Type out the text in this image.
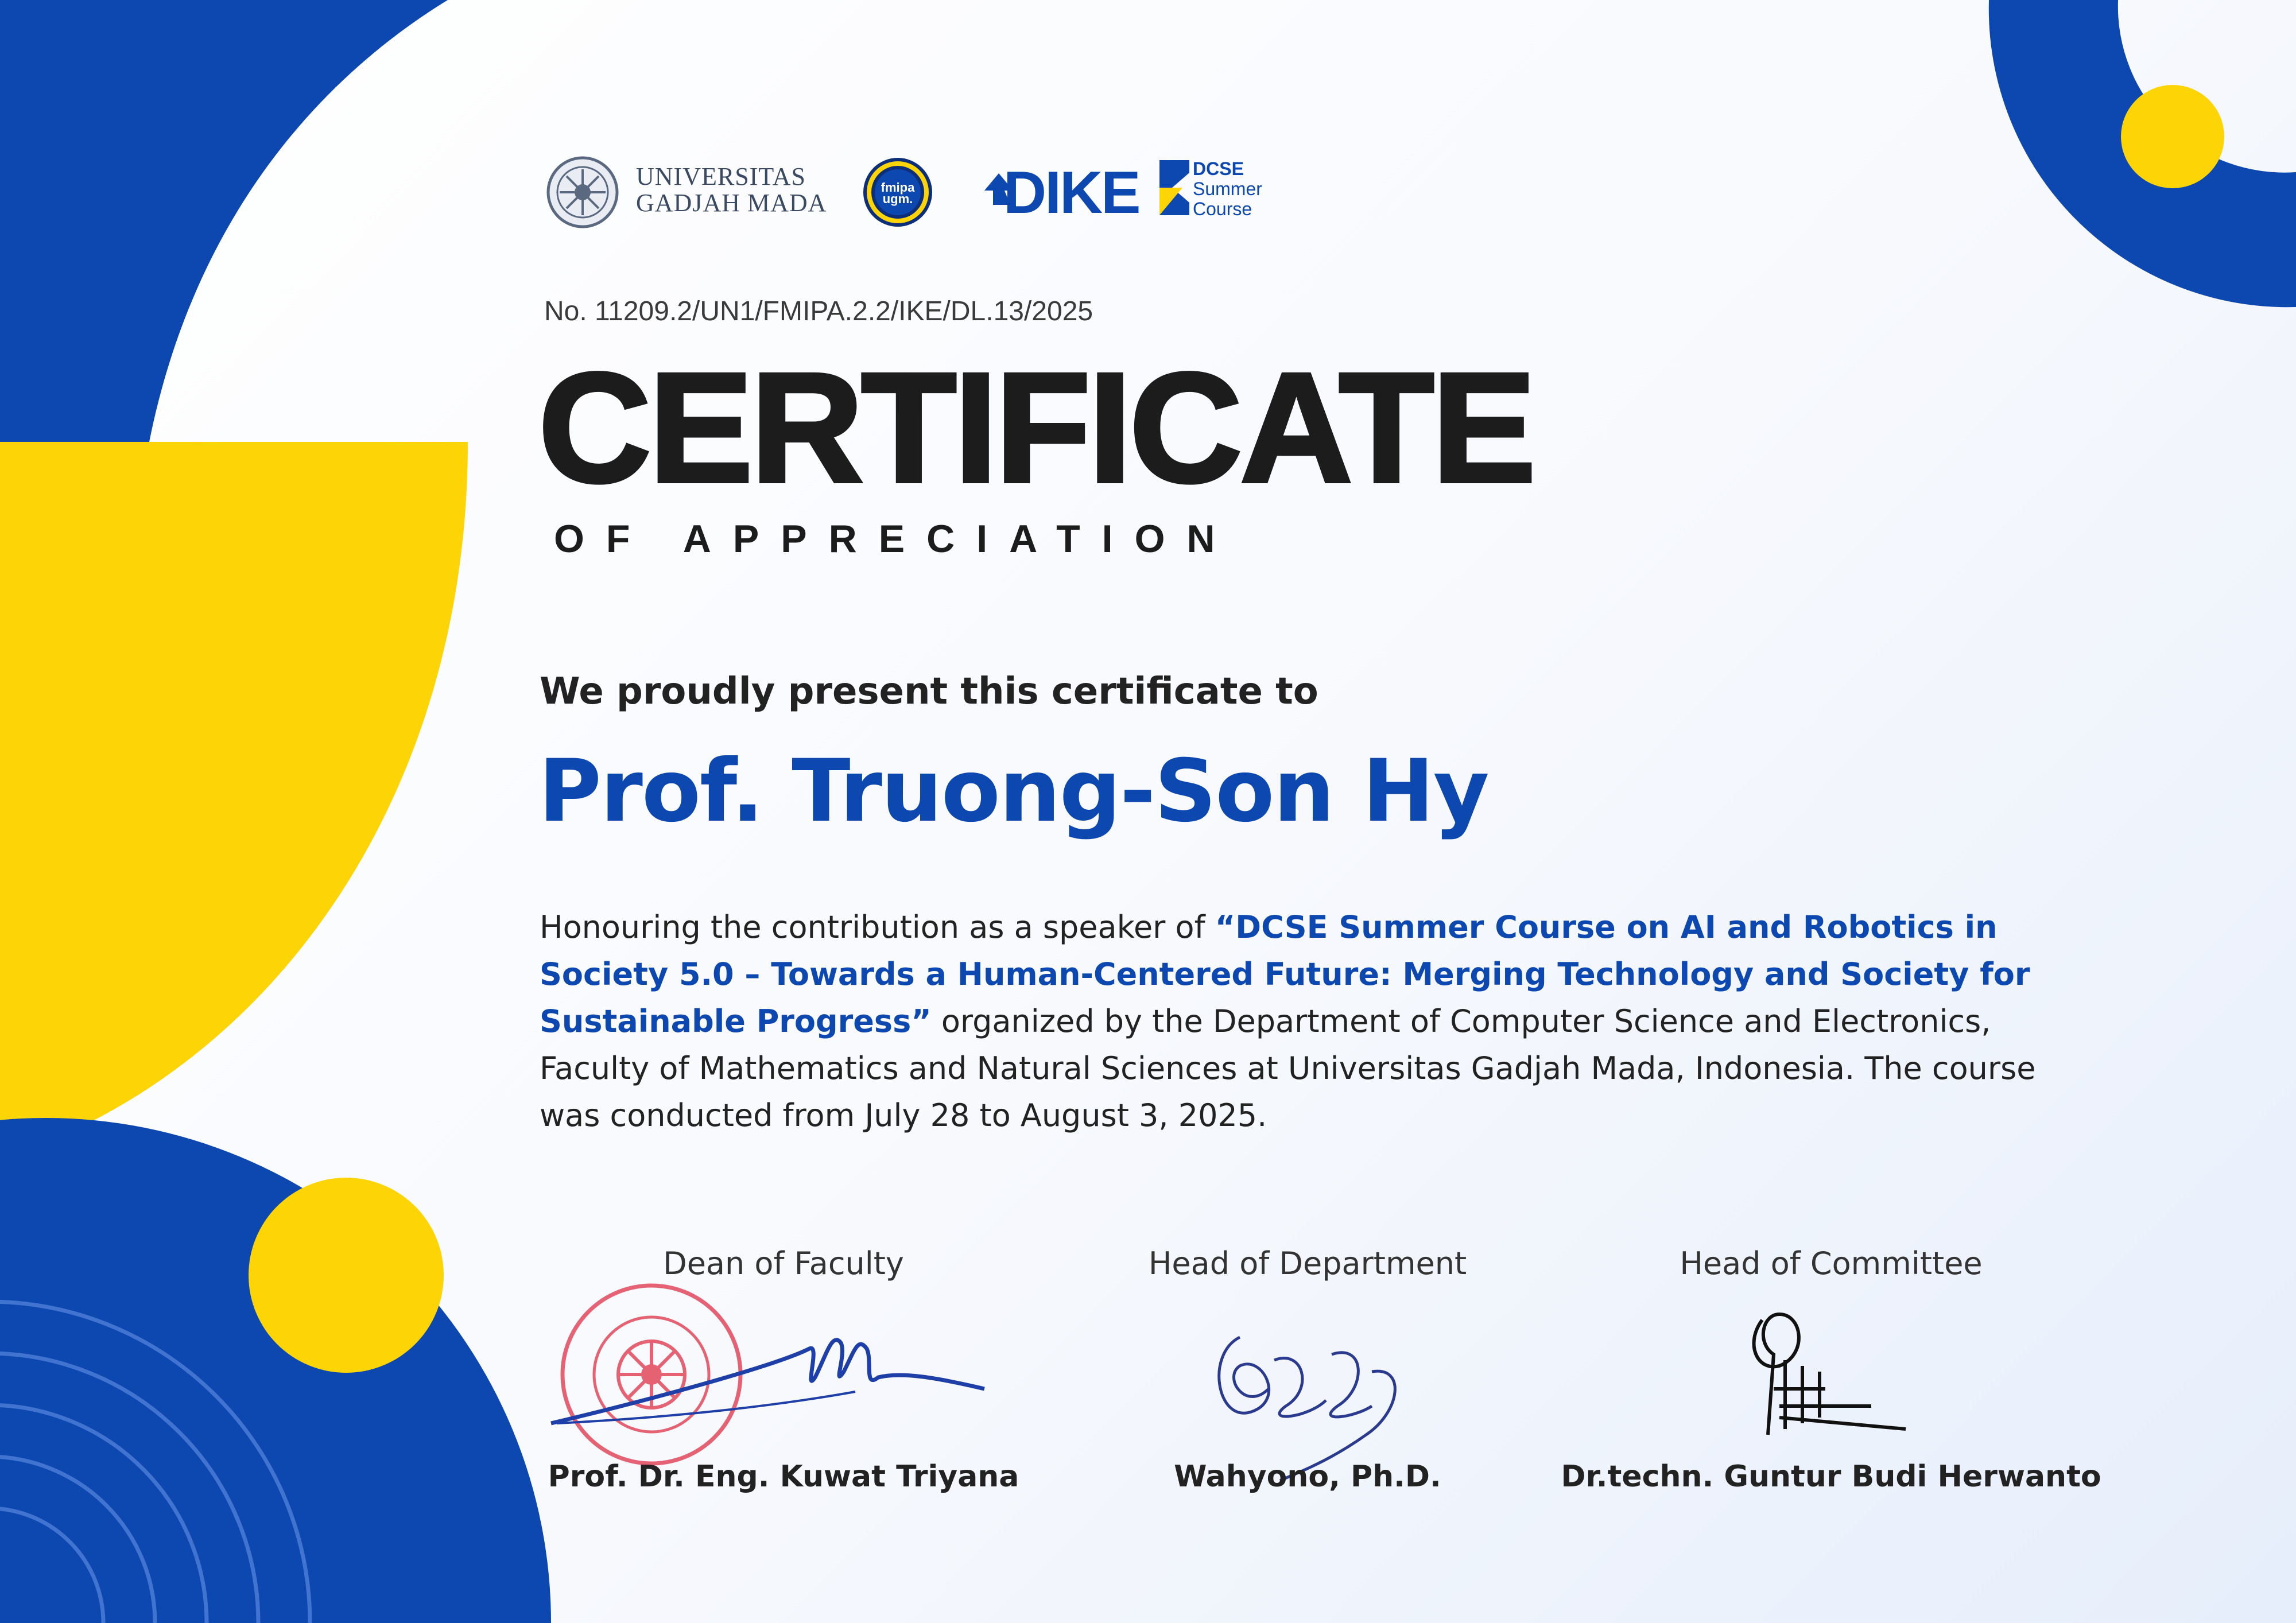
UNIVERSITAS
GADJAH MADA
fmipa ugm. DIKE	DCSE
Summer
Course
No. 11209.2/UN1/FMIPA.2.2/IKE/DL.13/2025
CERTIFICATE
OF APPRECIATION
We proudly present this certificate to
Prof. Truong-Son Hy
Honouring the contribution as a speaker of “DCSE Summer Course on AI and Robotics in Society 5.0 – Towards a Human-Centered Future: Merging Technology and Society for Sustainable Progress” organized by the Department of Computer Science and Electronics, Faculty of Mathematics and Natural Sciences at Universitas Gadjah Mada, Indonesia. The course was conducted from July 28 to August 3, 2025.
Dean of Faculty	Head of Department	Head of Committee
Prof. Dr. Eng. Kuwat Triyana	Wahyono, Ph.D.	Dr.techn. Guntur Budi Herwanto
